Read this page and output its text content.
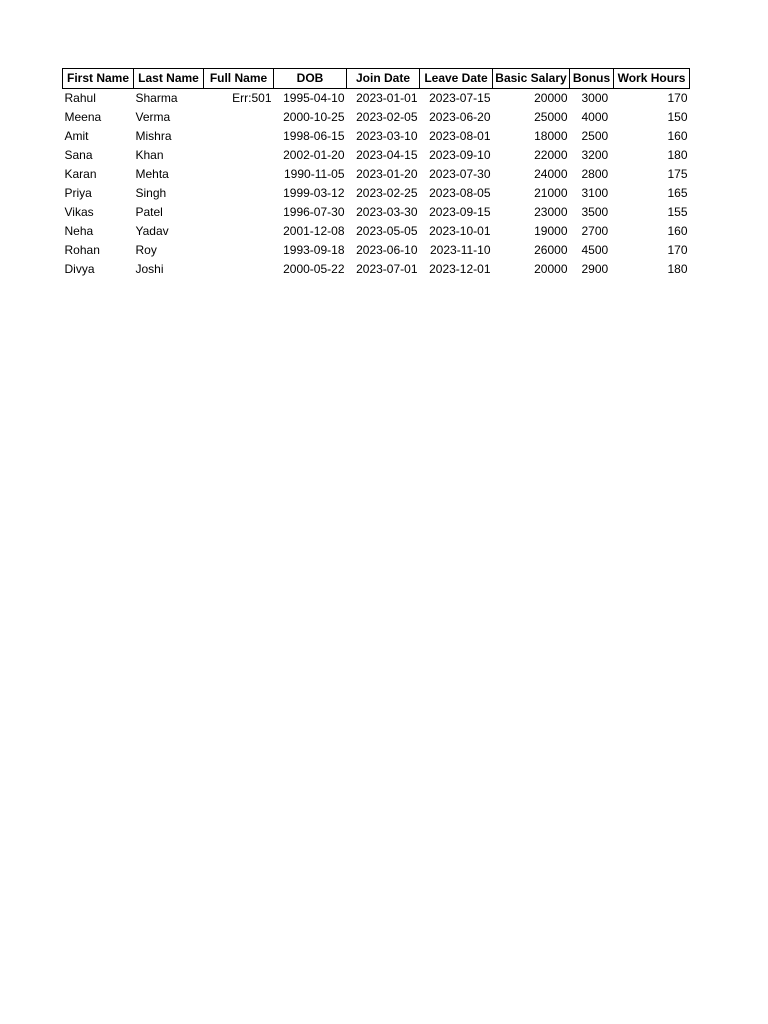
First Name	Last Name	Full Name	DOB	Join Date	Leave Date	Basic Salary	Bonus	Work Hours
Rahul	Sharma	Err:501	1995-04-10	2023-01-01	2023-07-15	20000	3000	170
Meena	Verma		2000-10-25	2023-02-05	2023-06-20	25000	4000	150
Amit	Mishra		1998-06-15	2023-03-10	2023-08-01	18000	2500	160
Sana	Khan		2002-01-20	2023-04-15	2023-09-10	22000	3200	180
Karan	Mehta		1990-11-05	2023-01-20	2023-07-30	24000	2800	175
Priya	Singh		1999-03-12	2023-02-25	2023-08-05	21000	3100	165
Vikas	Patel		1996-07-30	2023-03-30	2023-09-15	23000	3500	155
Neha	Yadav		2001-12-08	2023-05-05	2023-10-01	19000	2700	160
Rohan	Roy		1993-09-18	2023-06-10	2023-11-10	26000	4500	170
Divya	Joshi		2000-05-22	2023-07-01	2023-12-01	20000	2900	180
